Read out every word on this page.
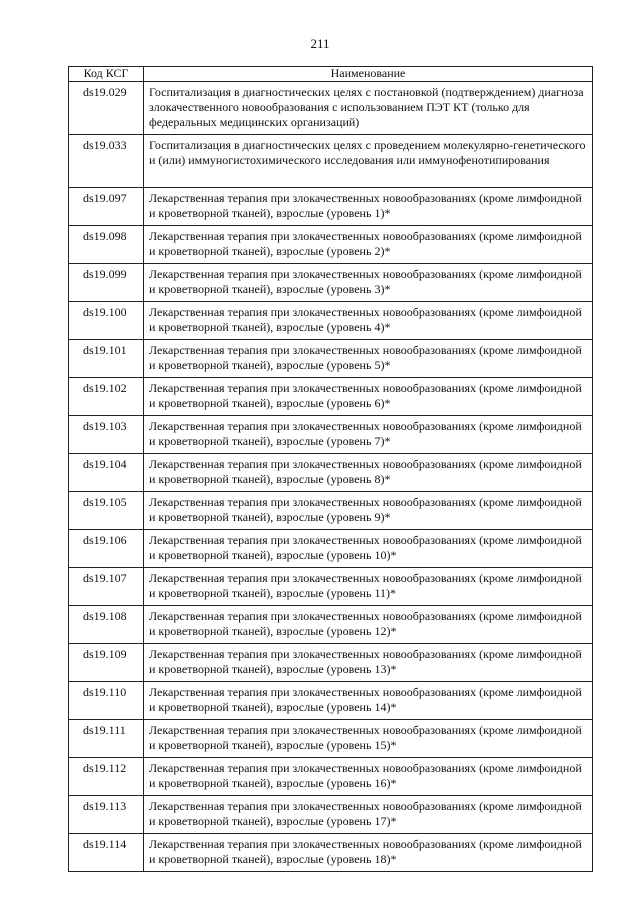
211
Код КСГ	Наименование
ds19.029	Госпитализация в диагностических целях с постановкой (подтверждением) диагноза злокачественного новообразования с использованием ПЭТ КТ (только для федеральных медицинских организаций)
ds19.033	Госпитализация в диагностических целях с проведением молекулярно-генетического и (или) иммуногистохимического исследования или иммунофенотипирования
ds19.097	Лекарственная терапия при злокачественных новообразованиях (кроме лимфоидной и кроветворной тканей), взрослые (уровень 1)*
ds19.098	Лекарственная терапия при злокачественных новообразованиях (кроме лимфоидной и кроветворной тканей), взрослые (уровень 2)*
ds19.099	Лекарственная терапия при злокачественных новообразованиях (кроме лимфоидной и кроветворной тканей), взрослые (уровень 3)*
ds19.100	Лекарственная терапия при злокачественных новообразованиях (кроме лимфоидной и кроветворной тканей), взрослые (уровень 4)*
ds19.101	Лекарственная терапия при злокачественных новообразованиях (кроме лимфоидной и кроветворной тканей), взрослые (уровень 5)*
ds19.102	Лекарственная терапия при злокачественных новообразованиях (кроме лимфоидной и кроветворной тканей), взрослые (уровень 6)*
ds19.103	Лекарственная терапия при злокачественных новообразованиях (кроме лимфоидной и кроветворной тканей), взрослые (уровень 7)*
ds19.104	Лекарственная терапия при злокачественных новообразованиях (кроме лимфоидной и кроветворной тканей), взрослые (уровень 8)*
ds19.105	Лекарственная терапия при злокачественных новообразованиях (кроме лимфоидной и кроветворной тканей), взрослые (уровень 9)*
ds19.106	Лекарственная терапия при злокачественных новообразованиях (кроме лимфоидной и кроветворной тканей), взрослые (уровень 10)*
ds19.107	Лекарственная терапия при злокачественных новообразованиях (кроме лимфоидной и кроветворной тканей), взрослые (уровень 11)*
ds19.108	Лекарственная терапия при злокачественных новообразованиях (кроме лимфоидной и кроветворной тканей), взрослые (уровень 12)*
ds19.109	Лекарственная терапия при злокачественных новообразованиях (кроме лимфоидной и кроветворной тканей), взрослые (уровень 13)*
ds19.110	Лекарственная терапия при злокачественных новообразованиях (кроме лимфоидной и кроветворной тканей), взрослые (уровень 14)*
ds19.111	Лекарственная терапия при злокачественных новообразованиях (кроме лимфоидной и кроветворной тканей), взрослые (уровень 15)*
ds19.112	Лекарственная терапия при злокачественных новообразованиях (кроме лимфоидной и кроветворной тканей), взрослые (уровень 16)*
ds19.113	Лекарственная терапия при злокачественных новообразованиях (кроме лимфоидной и кроветворной тканей), взрослые (уровень 17)*
ds19.114	Лекарственная терапия при злокачественных новообразованиях (кроме лимфоидной и кроветворной тканей), взрослые (уровень 18)*
